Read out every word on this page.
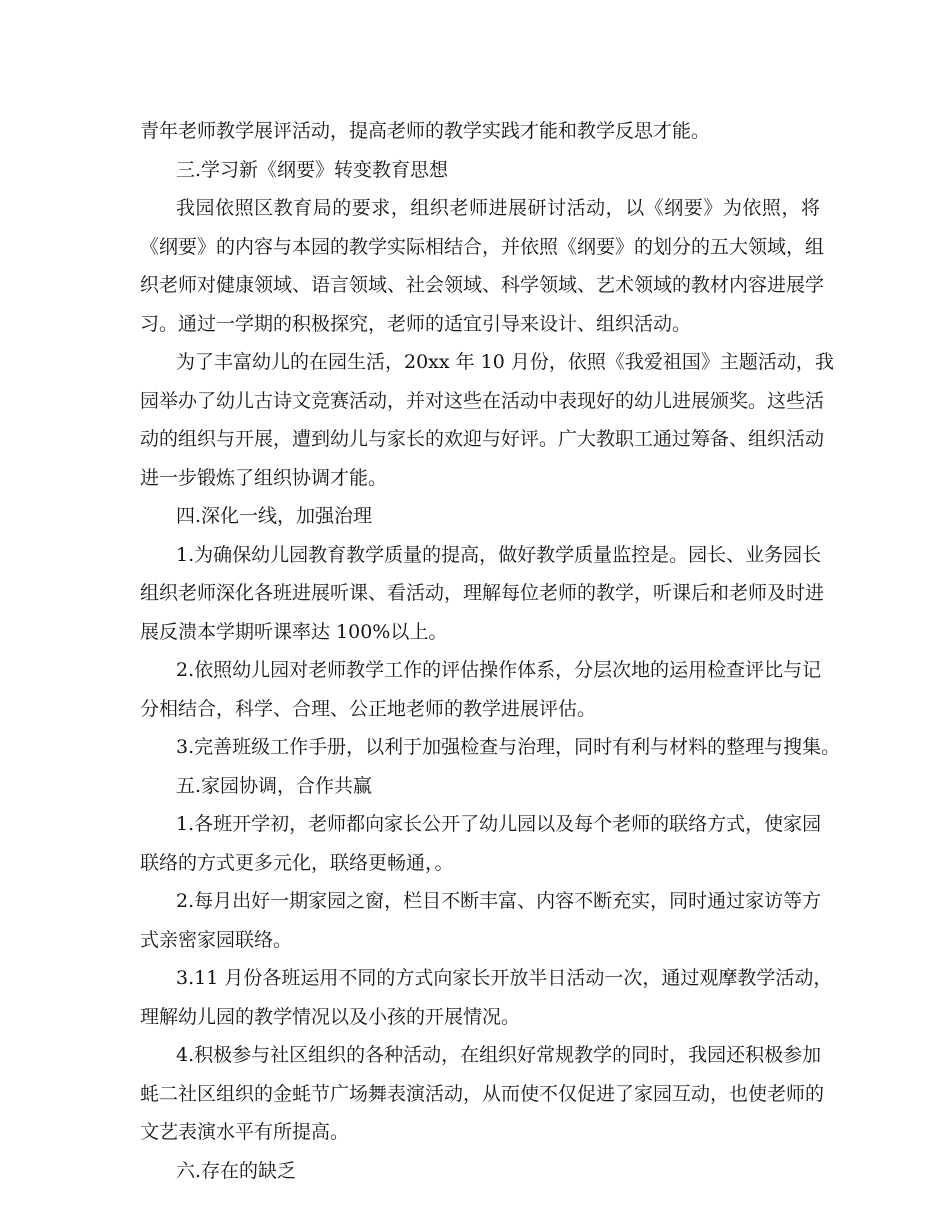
青年老师教学展评活动，提高老师的教学实践才能和教学反思才能。
三.学习新《纲要》转变教育思想
我园依照区教育局的要求，组织老师进展研讨活动，以《纲要》为依照，将
《纲要》的内容与本园的教学实际相结合，并依照《纲要》的划分的五大领域，组
织老师对健康领域、语言领域、社会领域、科学领域、艺术领域的教材内容进展学
习。通过一学期的积极探究，老师的适宜引导来设计、组织活动。
为了丰富幼儿的在园生活，20xx 年 10 月份，依照《我爱祖国》主题活动，我
园举办了幼儿古诗文竞赛活动，并对这些在活动中表现好的幼儿进展颁奖。这些活
动的组织与开展，遭到幼儿与家长的欢迎与好评。广大教职工通过筹备、组织活动
进一步锻炼了组织协调才能。
四.深化一线，加强治理
1.为确保幼儿园教育教学质量的提高，做好教学质量监控是。园长、业务园长
组织老师深化各班进展听课、看活动，理解每位老师的教学，听课后和老师及时进
展反溃本学期听课率达 100%以上。
2.依照幼儿园对老师教学工作的评估操作体系，分层次地的运用检查评比与记
分相结合，科学、合理、公正地老师的教学进展评估。
3.完善班级工作手册，以利于加强检查与治理，同时有利与材料的整理与搜集。
五.家园协调，合作共赢
1.各班开学初，老师都向家长公开了幼儿园以及每个老师的联络方式，使家园
联络的方式更多元化，联络更畅通，。
2.每月出好一期家园之窗，栏目不断丰富、内容不断充实，同时通过家访等方
式亲密家园联络。
3.11 月份各班运用不同的方式向家长开放半日活动一次，通过观摩教学活动，
理解幼儿园的教学情况以及小孩的开展情况。
4.积极参与社区组织的各种活动，在组织好常规教学的同时，我园还积极参加
蚝二社区组织的金蚝节广场舞表演活动，从而使不仅促进了家园互动，也使老师的
文艺表演水平有所提高。
六.存在的缺乏
